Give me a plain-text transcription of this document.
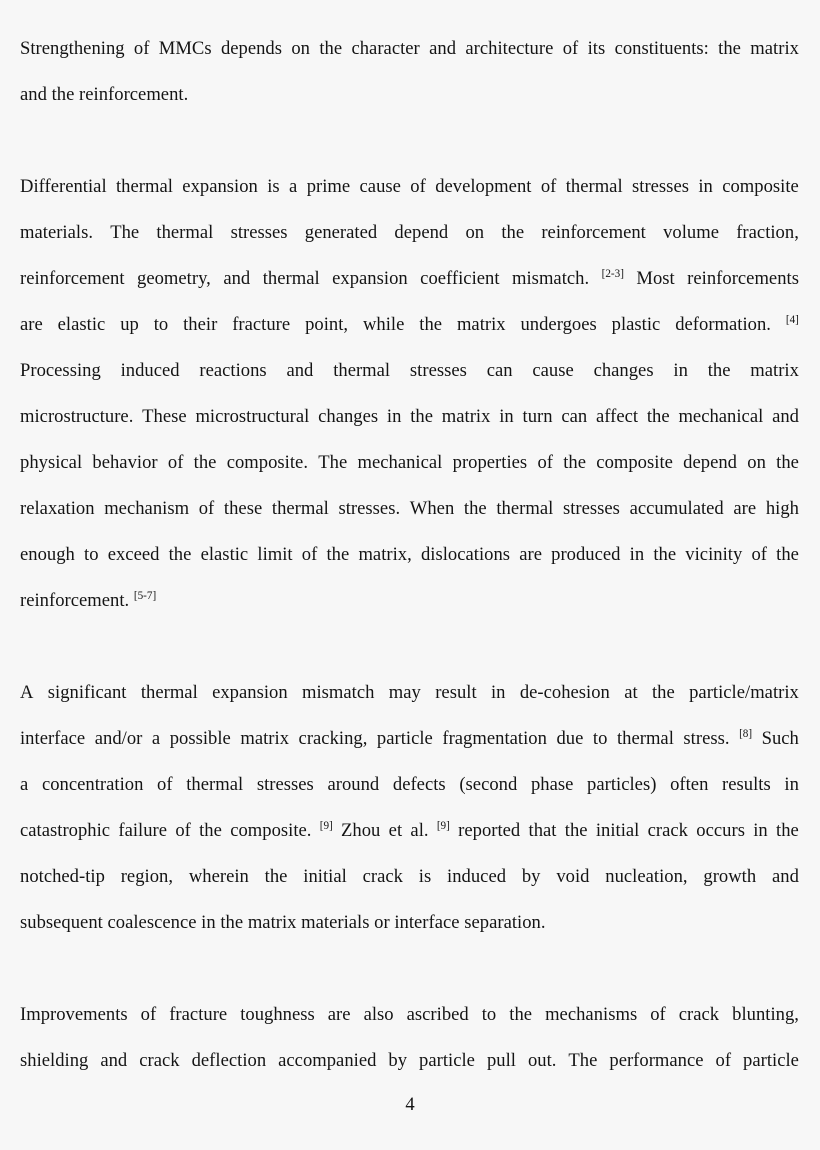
Strengthening of MMCs depends on the character and architecture of its constituents: the matrix
and the reinforcement.
Differential thermal expansion is a prime cause of development of thermal stresses in composite
materials. The thermal stresses generated depend on the reinforcement volume fraction,
reinforcement geometry, and thermal expansion coefficient mismatch. [2-3] Most reinforcements
are elastic up to their fracture point, while the matrix undergoes plastic deformation. [4]
Processing induced reactions and thermal stresses can cause changes in the matrix
microstructure. These microstructural changes in the matrix in turn can affect the mechanical and
physical behavior of the composite. The mechanical properties of the composite depend on the
relaxation mechanism of these thermal stresses. When the thermal stresses accumulated are high
enough to exceed the elastic limit of the matrix, dislocations are produced in the vicinity of the
reinforcement. [5-7]
A significant thermal expansion mismatch may result in de-cohesion at the particle/matrix
interface and/or a possible matrix cracking, particle fragmentation due to thermal stress. [8] Such
a concentration of thermal stresses around defects (second phase particles) often results in
catastrophic failure of the composite. [9] Zhou et al. [9] reported that the initial crack occurs in the
notched-tip region, wherein the initial crack is induced by void nucleation, growth and
subsequent coalescence in the matrix materials or interface separation.
Improvements of fracture toughness are also ascribed to the mechanisms of crack blunting,
shielding and crack deflection accompanied by particle pull out. The performance of particle
4
